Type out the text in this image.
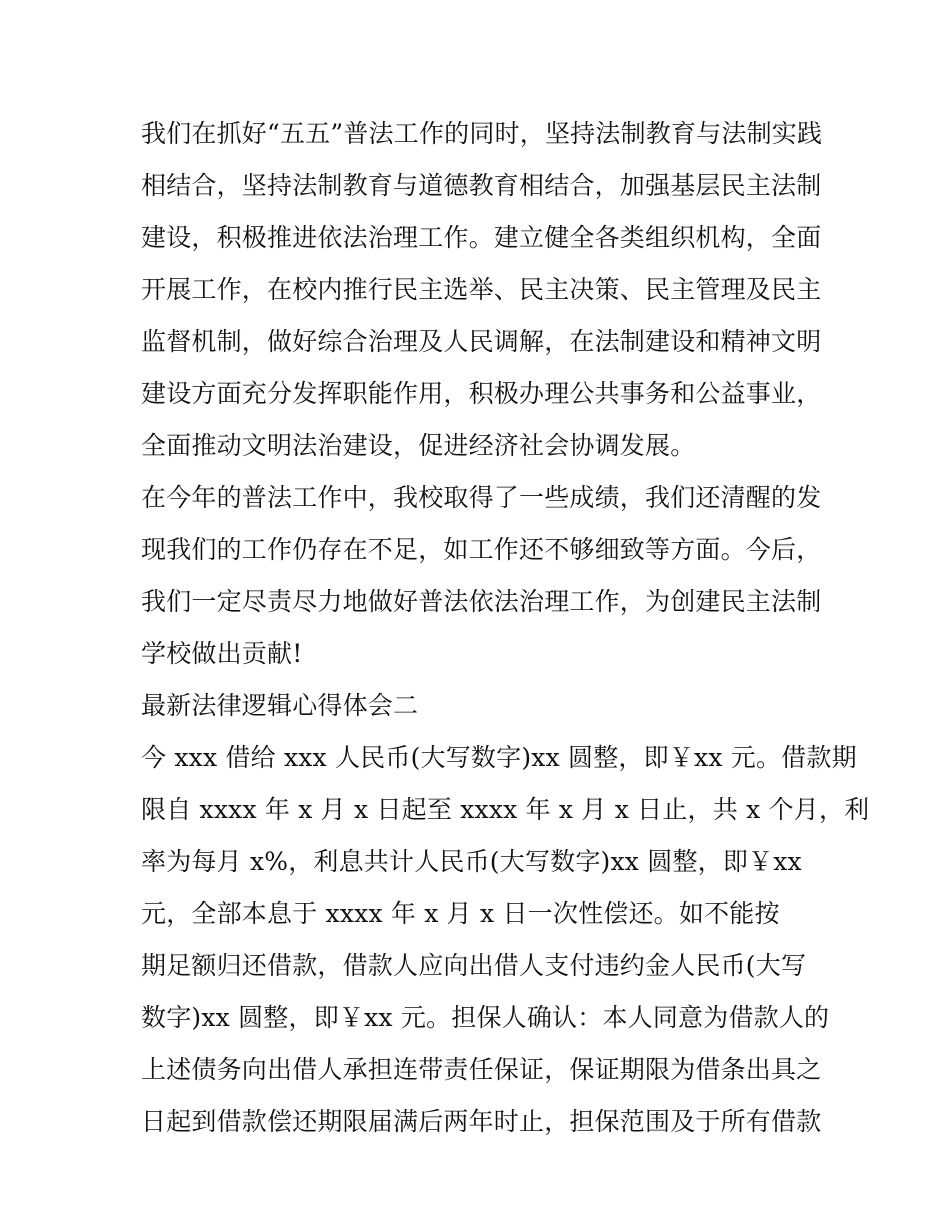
我们在抓好“五五”普法工作的同时，坚持法制教育与法制实践
相结合，坚持法制教育与道德教育相结合，加强基层民主法制
建设，积极推进依法治理工作。建立健全各类组织机构，全面
开展工作，在校内推行民主选举、民主决策、民主管理及民主
监督机制，做好综合治理及人民调解，在法制建设和精神文明
建设方面充分发挥职能作用，积极办理公共事务和公益事业，
全面推动文明法治建设，促进经济社会协调发展。
在今年的普法工作中，我校取得了一些成绩，我们还清醒的发
现我们的工作仍存在不足，如工作还不够细致等方面。今后，
我们一定尽责尽力地做好普法依法治理工作，为创建民主法制
学校做出贡献!
最新法律逻辑心得体会二
今 xxx 借给 xxx 人民币(大写数字)xx 圆整，即￥xx 元。借款期
限自 xxxx 年 x 月 x 日起至 xxxx 年 x 月 x 日止，共 x 个月，利
率为每月 x%，利息共计人民币(大写数字)xx 圆整，即￥xx
元，全部本息于 xxxx 年 x 月 x 日一次性偿还。如不能按
期足额归还借款，借款人应向出借人支付违约金人民币(大写
数字)xx 圆整，即￥xx 元。担保人确认：本人同意为借款人的
上述债务向出借人承担连带责任保证，保证期限为借条出具之
日起到借款偿还期限届满后两年时止，担保范围及于所有借款
